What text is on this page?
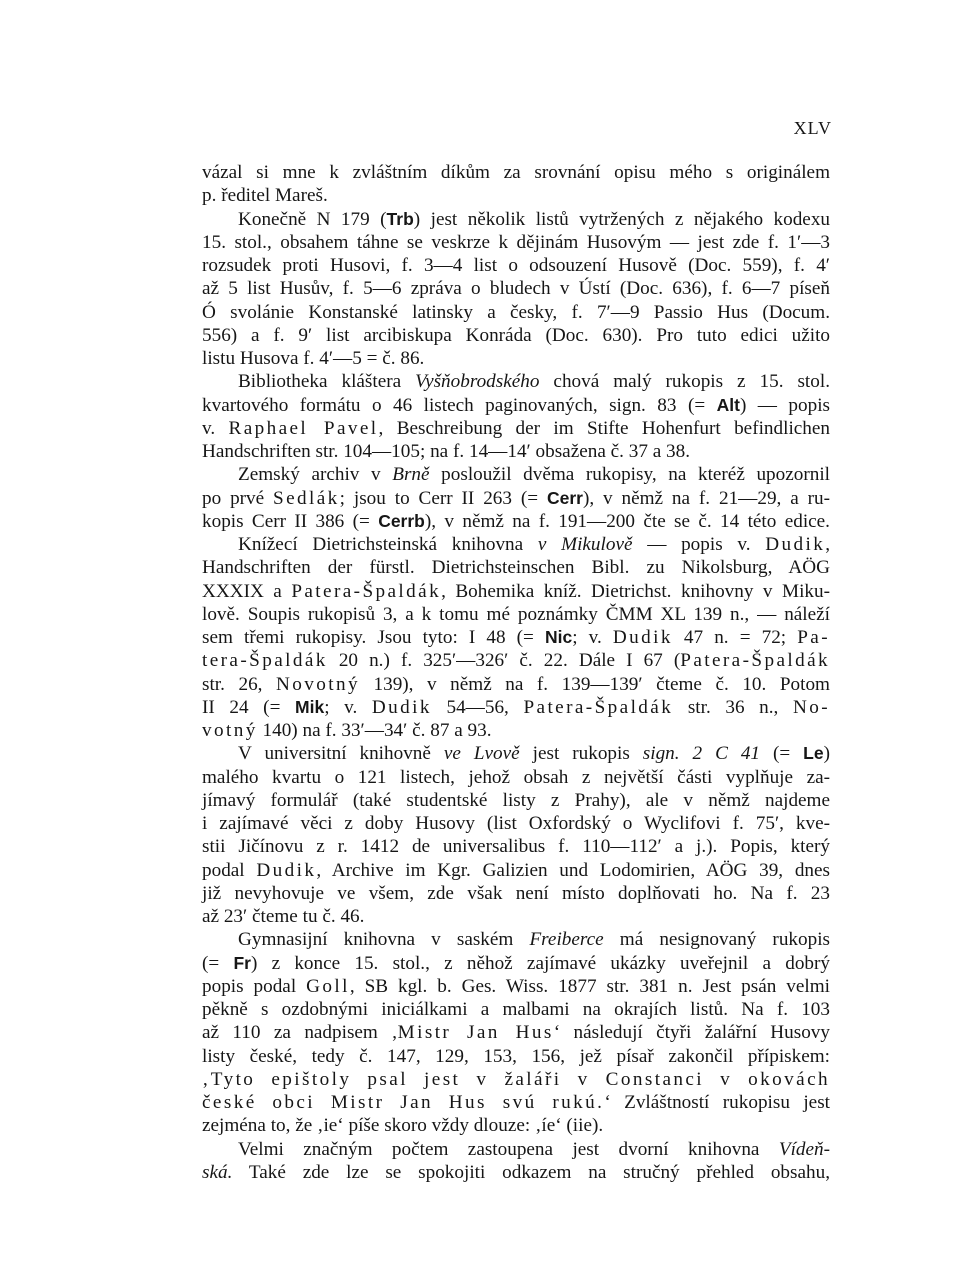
XLV
vázal si mne k zvláštním díkům za srovnání opisu mého s originálem
p. ředitel Mareš.
Konečně N 179 (Trb) jest několik listů vytržených z nějakého kodexu
15. stol., obsahem táhne se veskrze k dějinám Husovým — jest zde f. 1′—3
rozsudek proti Husovi, f. 3—4 list o odsouzení Husově (Doc. 559), f. 4′
až 5 list Husův, f. 5—6 zpráva o bludech v Ústí (Doc. 636), f. 6—7 píseň
Ó svolánie Konstanské latinsky a česky, f. 7′—9 Passio Hus (Docum.
556) a f. 9′ list arcibiskupa Konráda (Doc. 630). Pro tuto edici užito
listu Husova f. 4′—5 = č. 86.
Bibliotheka kláštera Vyšňobrodského chová malý rukopis z 15. stol.
kvartového formátu o 46 listech paginovaných, sign. 83 (= Alt) — popis
v. Raphael Pavel, Beschreibung der im Stifte Hohenfurt befindlichen
Handschriften str. 104—105; na f. 14—14′ obsažena č. 37 a 38.
Zemský archiv v Brně posloužil dvěma rukopisy, na kteréž upozornil
po prvé Sedlák; jsou to Cerr II 263 (= Cerr), v němž na f. 21—29, a ru-
kopis Cerr II 386 (= Cerrb), v němž na f. 191—200 čte se č. 14 této edice.
Knížecí Dietrichsteinská knihovna v Mikulově — popis v. Dudik,
Handschriften der fürstl. Dietrichsteinschen Bibl. zu Nikolsburg, AÖG
XXXIX a Patera-Špaldák, Bohemika kníž. Dietrichst. knihovny v Miku-
lově. Soupis rukopisů 3, a k tomu mé poznámky ČMM XL 139 n., — náleží
sem třemi rukopisy. Jsou tyto: I 48 (= Nic; v. Dudik 47 n. = 72; Pa-
tera-Špaldák 20 n.) f. 325′—326′ č. 22. Dále I 67 (Patera-Špaldák
str. 26, Novotný 139), v němž na f. 139—139′ čteme č. 10. Potom
II 24 (= Mik; v. Dudik 54—56, Patera-Špaldák str. 36 n., No-
votný 140) na f. 33′—34′ č. 87 a 93.
V universitní knihovně ve Lvově jest rukopis sign. 2 C 41 (= Le)
malého kvartu o 121 listech, jehož obsah z největší části vyplňuje za-
jímavý formulář (také studentské listy z Prahy), ale v němž najdeme
i zajímavé věci z doby Husovy (list Oxfordský o Wyclifovi f. 75′, kve-
stii Jičínovu z r. 1412 de universalibus f. 110—112′ a j.). Popis, který
podal Dudik, Archive im Kgr. Galizien und Lodomirien, AÖG 39, dnes
již nevyhovuje ve všem, zde však není místo doplňovati ho. Na f. 23
až 23′ čteme tu č. 46.
Gymnasijní knihovna v saském Freiberce má nesignovaný rukopis
(= Fr) z konce 15. stol., z něhož zajímavé ukázky uveřejnil a dobrý
popis podal Goll, SB kgl. b. Ges. Wiss. 1877 str. 381 n. Jest psán velmi
pěkně s ozdobnými iniciálkami a malbami na okrajích listů. Na f. 103
až 110 za nadpisem ‚Mistr Jan Hus‘ následují čtyři žalářní Husovy
listy české, tedy č. 147, 129, 153, 156, jež písař zakončil přípiskem:
‚Tyto epištoly psal jest v žaláři v Constanci v okovách
české obci Mistr Jan Hus svú rukú.‘ Zvláštností rukopisu jest
zejména to, že ‚ie‘ píše skoro vždy dlouze: ‚íe‘ (iie).
Velmi značným počtem zastoupena jest dvorní knihovna Vídeň-
ská. Také zde lze se spokojiti odkazem na stručný přehled obsahu,
